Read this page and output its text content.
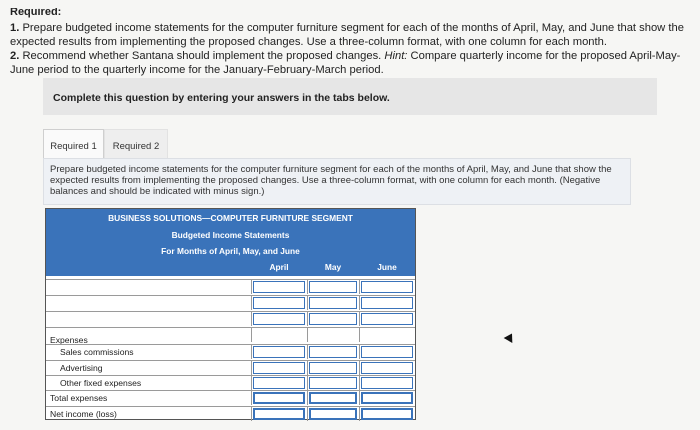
Required:
1. Prepare budgeted income statements for the computer furniture segment for each of the months of April, May, and June that show the expected results from implementing the proposed changes. Use a three-column format, with one column for each month.
2. Recommend whether Santana should implement the proposed changes. Hint: Compare quarterly income for the proposed April-May-June period to the quarterly income for the January-February-March period.
Complete this question by entering your answers in the tabs below.
Required 1	Required 2
Prepare budgeted income statements for the computer furniture segment for each of the months of April, May, and June that show the expected results from implementing the proposed changes. Use a three-column format, with one column for each month. (Negative balances and should be indicated with minus sign.)
BUSINESS SOLUTIONS—COMPUTER FURNITURE SEGMENT
Budgeted Income Statements
For Months of April, May, and June
April	May	June
Expenses
Sales commissions
Advertising
Other fixed expenses
Total expenses
Net income (loss)
